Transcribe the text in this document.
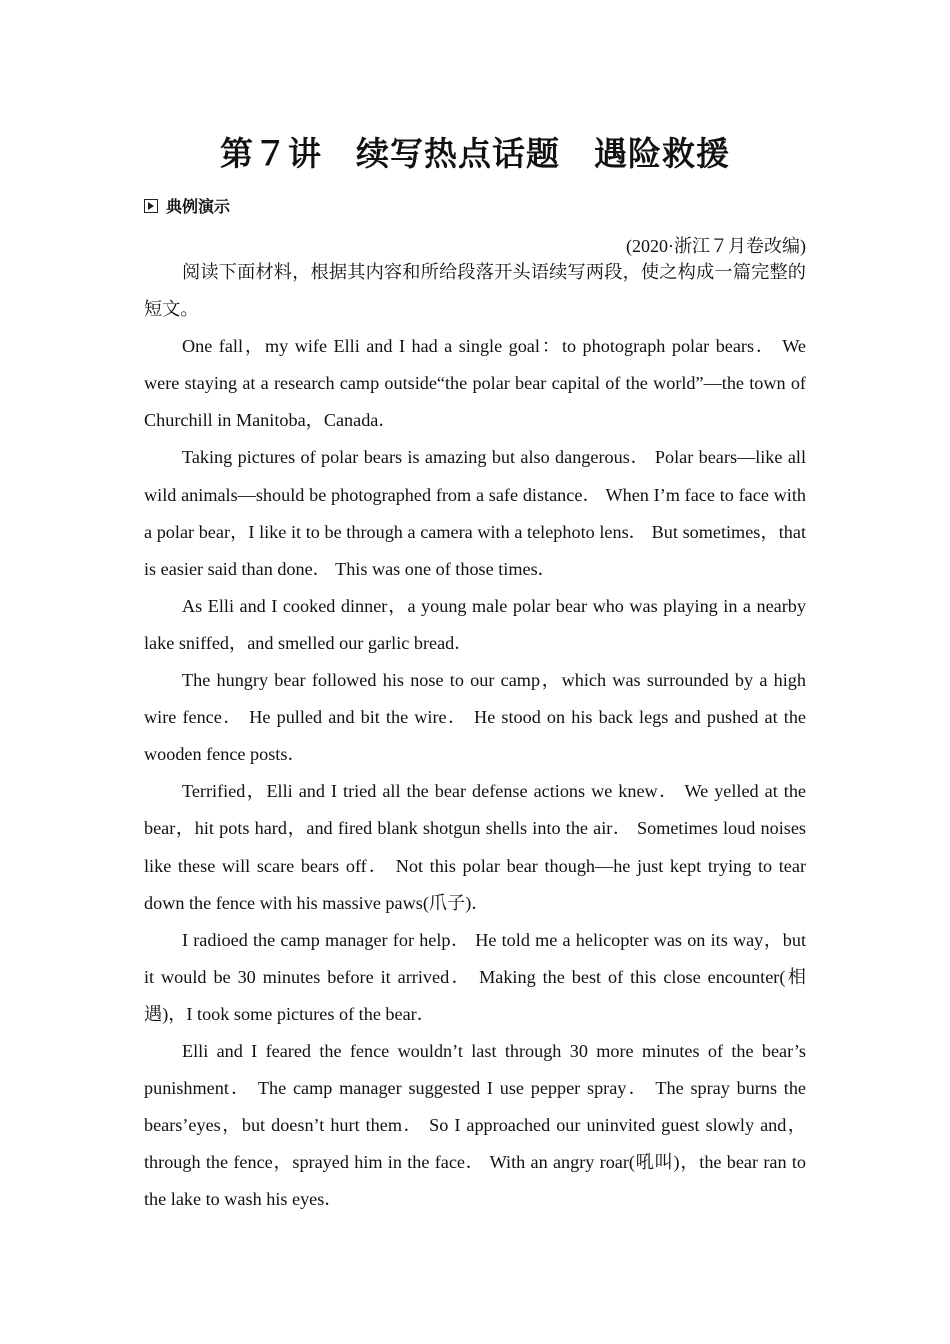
第７讲　续写热点话题　遇险救援
典例演示
(2020·浙江７月卷改编)

阅读下面材料，根据其内容和所给段落开头语续写两段，使之构成一篇完整的短文。

One fall，my wife Elli and I had a single goal：to photograph polar bears． We were staying at a research camp outside“the polar bear capital of the world”—the town of Churchill in Manitoba，Canada．

Taking pictures of polar bears is amazing but also dangerous． Polar bears—like all wild animals—should be photographed from a safe distance． When I’m face to face with a polar bear，I like it to be through a camera with a telephoto lens． But sometimes，that is easier said than done． This was one of those times．

As Elli and I cooked dinner，a young male polar bear who was playing in a nearby lake sniffed，and smelled our garlic bread．

The hungry bear followed his nose to our camp，which was surrounded by a high wire fence． He pulled and bit the wire． He stood on his back legs and pushed at the wooden fence posts．

Terrified，Elli and I tried all the bear defense actions we knew． We yelled at the bear，hit pots hard，and fired blank shotgun shells into the air． Sometimes loud noises like these will scare bears off． Not this polar bear though—he just kept trying to tear down the fence with his massive paws(爪子)．

I radioed the camp manager for help． He told me a helicopter was on its way，but it would be 30 minutes before it arrived． Making the best of this close encounter(相遇)，I took some pictures of the bear．

Elli and I feared the fence wouldn’t last through 30 more minutes of the bear’s punishment． The camp manager suggested I use pepper spray． The spray burns the bears’eyes，but doesn’t hurt them． So I approached our uninvited guest slowly and，through the fence，sprayed him in the face． With an angry roar(吼叫)，the bear ran to the lake to wash his eyes．
